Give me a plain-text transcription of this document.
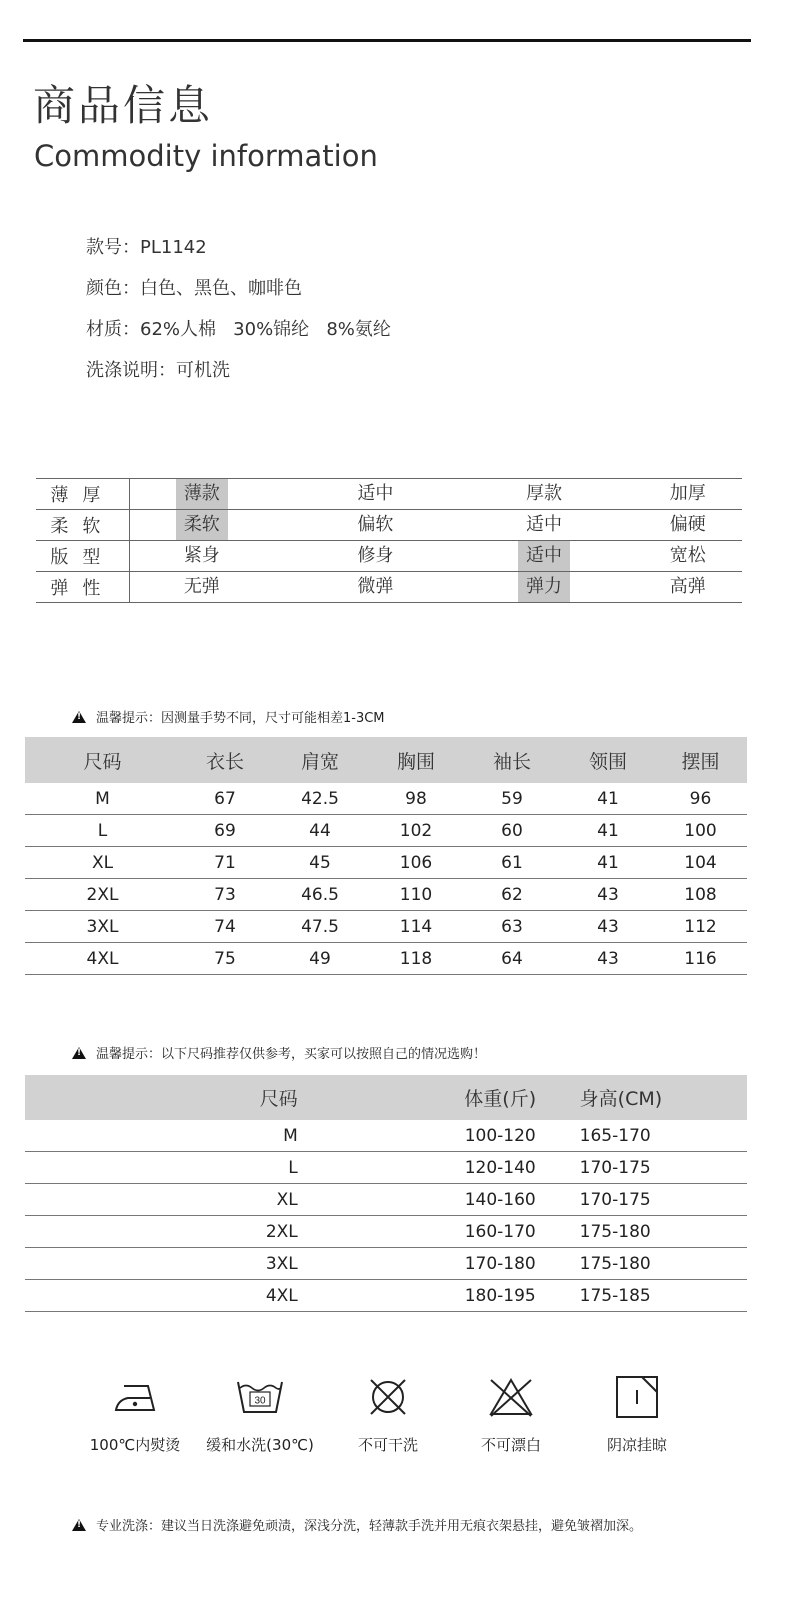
商品信息
Commodity information
款号：PL1142
颜色：白色、黑色、咖啡色
材质：62%人棉   30%锦纶   8%氨纶
洗涤说明：可机洗
薄厚	薄款	适中	厚款	加厚
柔软	柔软	偏软	适中	偏硬
版型	紧身	修身	适中	宽松
弹性	无弹	微弹	弹力	高弹
!
温馨提示：因测量手势不同，尺寸可能相差1-3CM
尺码	衣长	肩宽	胸围	袖长	领围	摆围
M	67	42.5	98	59	41	96
L	69	44	102	60	41	100
XL	71	45	106	61	41	104
2XL	73	46.5	110	62	43	108
3XL	74	47.5	114	63	43	112
4XL	75	49	118	64	43	116
!
温馨提示：以下尺码推荐仅供参考，买家可以按照自己的情况选购！
尺码	体重(斤)	身高(CM)
M	100-120	165-170
L	120-140	170-175
XL	140-160	170-175
2XL	160-170	175-180
3XL	170-180	175-180
4XL	180-195	175-185
100℃内熨烫
30
缓和水洗(30℃)	不可干洗	不可漂白	阴凉挂晾
!
专业洗涤：建议当日洗涤避免顽渍，深浅分洗，轻薄款手洗并用无痕衣架悬挂，避免皱褶加深。
